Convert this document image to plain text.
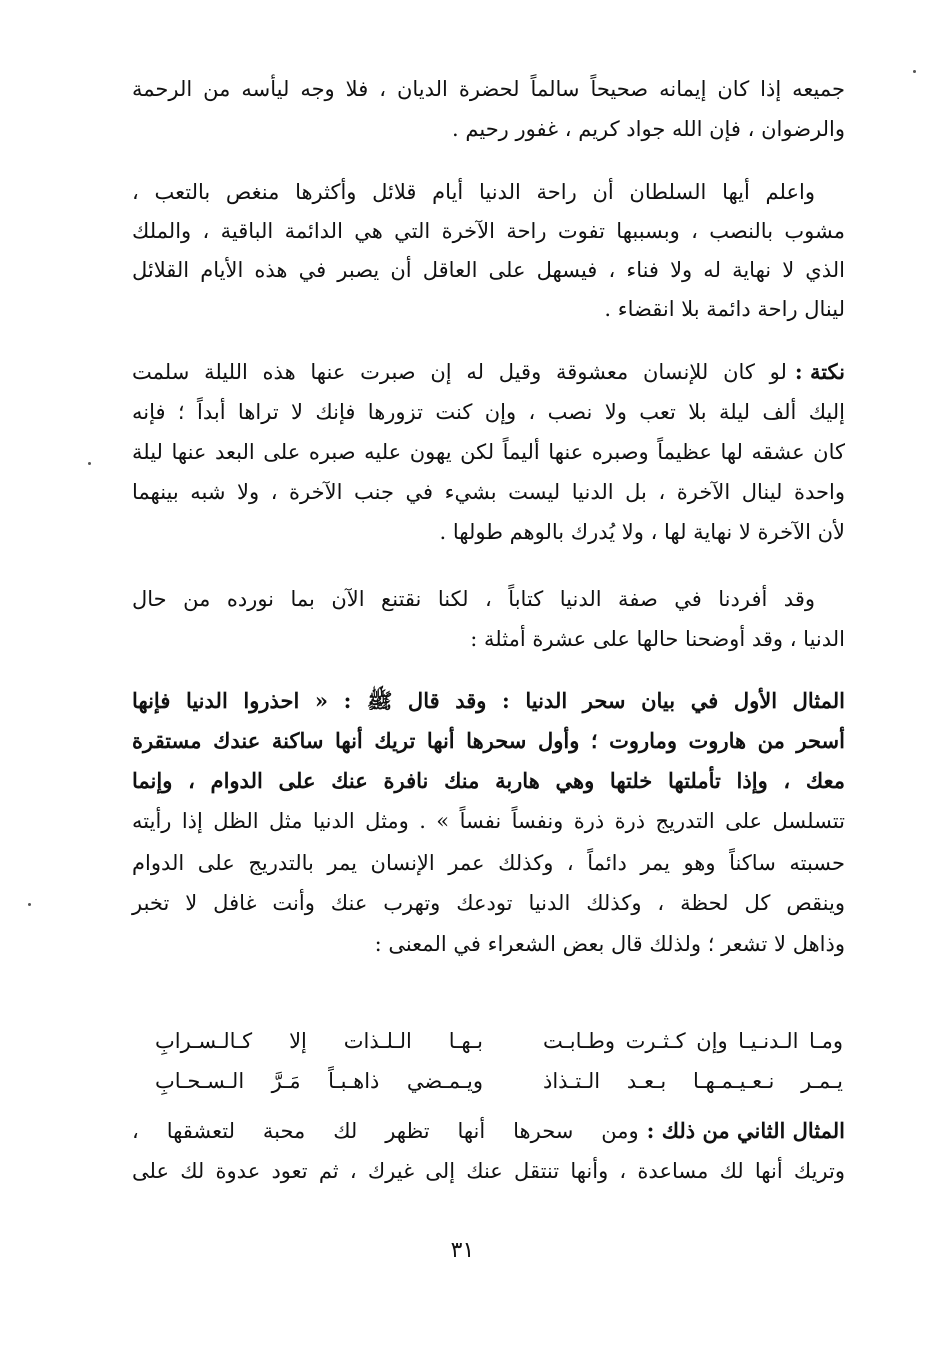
جميعه إذا كان إيمانه صحيحاً سالماً لحضرة الديان ، فلا وجه ليأسه من الرحمة
والرضوان ، فإن الله جواد كريم ، غفور رحيم .
واعلم أيها السلطان أن راحة الدنيا أيام قلائل وأكثرها منغص بالتعب ،
مشوب بالنصب ، وبسببها تفوت راحة الآخرة التي هي الدائمة الباقية ، والملك
الذي لا نهاية له ولا فناء ، فيسهل على العاقل أن يصبر في هذه الأيام القلائل
لينال راحة دائمة بلا انقضاء .
نكتة :
لو كان للإنسان معشوقة وقيل له إن صبرت عنها هذه الليلة سلمت
إليك ألف ليلة بلا تعب ولا نصب ، وإن كنت تزورها فإنك لا تراها أبداً ؛ فإنه
كان عشقه لها عظيماً وصبره عنها أليماً لكن يهون عليه صبره على البعد عنها ليلة
واحدة لينال الآخرة ، بل الدنيا ليست بشيء في جنب الآخرة ، ولا شبه بينهما
لأن الآخرة لا نهاية لها ، ولا يُدرك بالوهم طولها .
وقد أفردنا في صفة الدنيا كتاباً ، لكنا نقتنع الآن بما نورده من حال
الدنيا ، وقد أوضحنا حالها على عشرة أمثلة :
المثال الأول في بيان سحر الدنيا : وقد قال ﷺ : « احذروا الدنيا فإنها
أسحر من هاروت وماروت ؛ وأول سحرها أنها تريك أنها ساكنة عندك مستقرة
معك ، وإذا تأملتها خلتها وهي هاربة منك نافرة عنك على الدوام ، وإنما
تتسلسل على التدريج ذرة ذرة ونفساً نفساً » . ومثل الدنيا مثل الظل إذا رأيته
حسبته ساكناً وهو يمر دائماً ، وكذلك عمر الإنسان يمر بالتدريج على الدوام
وينقص كل لحظة ، وكذلك الدنيا تودعك وتهرب عنك وأنت غافل لا تخبر
وذاهل لا تشعر ؛ ولذلك قال بعض الشعراء في المعنى :
ومـا الـدنـيـا وإن كـثـرت وطـابـت
بـهـا الـلـذات إلا كـالـسـرابِ
يـمـر نـعـيـمـهـا بـعـد الـتـذاذ
ويـمـضي ذاهـبـاً مَـرَّ الـسـحـابِ
المثال الثاني من ذلك :
ومن سحرها أنها تظهر لك محبة لتعشقها ،
وتريك أنها لك مساعدة ، وأنها تنتقل عنك إلى غيرك ، ثم تعود عدوة لك على
٣١
